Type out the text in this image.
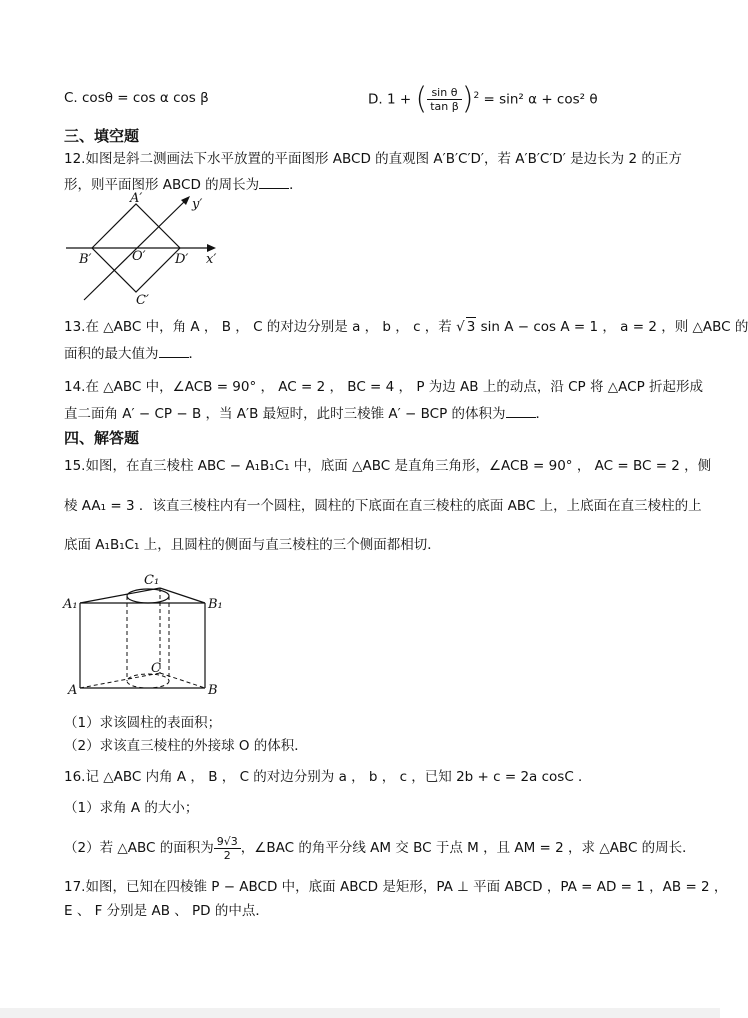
C. cosθ = cos α cos β	D. 1 + ( $\frac{\text{sin θ}}{\text{tan β}} )^2 = \sin^2$ α + cos² θ
三、填空题
12.如图是斜二测画法下水平放置的平面图形 ABCD 的直观图 A′B′C′D′，若 A′B′C′D′ 是边长为 2 的正方
形，则平面图形 ABCD 的周长为 ．
A′
B′	O′ D′
C′
x′
y′
13.在 △ABC 中，角 A ， B ， C 的对边分别是 a ， b ， c ，若 √ 3 sin A − cos A = 1 ， a = 2 ，则 △ABC 的
面积的最大值为 ．
14.在 △ABC 中，∠ACB = 90° ， AC = 2 ， BC = 4 ， P 为边 AB 上的动点，沿 CP 将 △ACP 折起形成
直二面角 A′ − CP − B ，当 A′B 最短时，此时三棱锥 A′ − BCP 的体积为 ．
四、解答题
15.如图，在直三棱柱 ABC − A₁B₁C₁ 中，底面 △ABC 是直角三角形，∠ACB = 90° ， AC = BC = 2 ，侧
棱 AA₁ = 3 ．该直三棱柱内有一个圆柱，圆柱的下底面在直三棱柱的底面 ABC 上，上底面在直三棱柱的上
底面 A₁B₁C₁ 上，且圆柱的侧面与直三棱柱的三个侧面都相切．
C₁
A₁	B₁
C
A	B
（1）求该圆柱的表面积；
（2）求该直三棱柱的外接球 O 的体积．
16.记 △ABC 内角 A ， B ， C 的对边分别为 a ， b ， c ，已知 2b + c = 2a cosC ．
（1）求角 A 的大小；
（2）若 △ABC 的面积为 $\frac{9√3}{2}$ ，∠BAC 的角平分线 AM 交 BC 于点 M ，且 AM = 2 ，求 △ABC 的周长．
17.如图，已知在四棱锥 P − ABCD 中，底面 ABCD 是矩形，PA ⊥ 平面 ABCD ，PA = AD = 1 ，AB = 2 ，
E 、 F 分别是 AB 、 PD 的中点．
